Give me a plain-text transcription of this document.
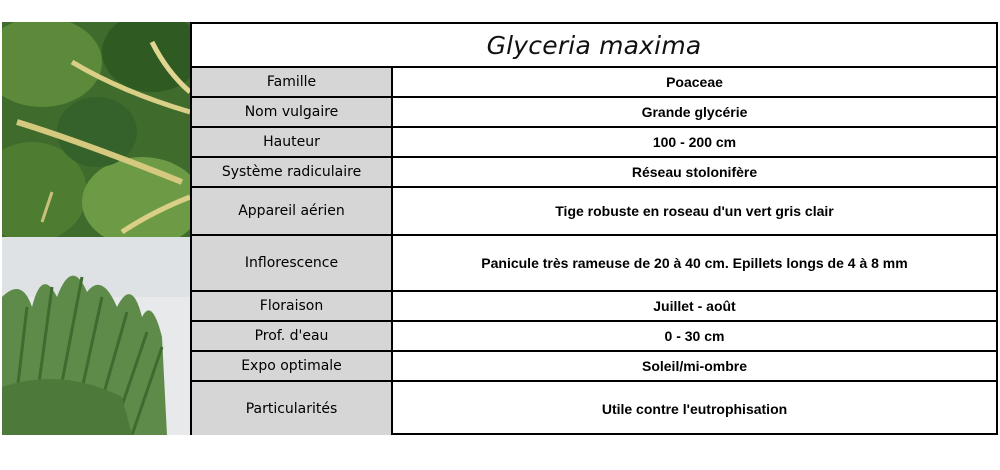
Glyceria maxima
Famille	Poaceae
Nom vulgaire	Grande glycérie
Hauteur	100 - 200 cm
Système radiculaire	Réseau stolonifère
Appareil aérien	Tige robuste en roseau d'un vert gris clair
Inflorescence	Panicule très rameuse de 20 à 40 cm. Epillets longs de 4 à 8 mm
Floraison	Juillet - août
Prof. d'eau	0 - 30 cm
Expo optimale	Soleil/mi-ombre
Particularités	Utile contre l'eutrophisation
